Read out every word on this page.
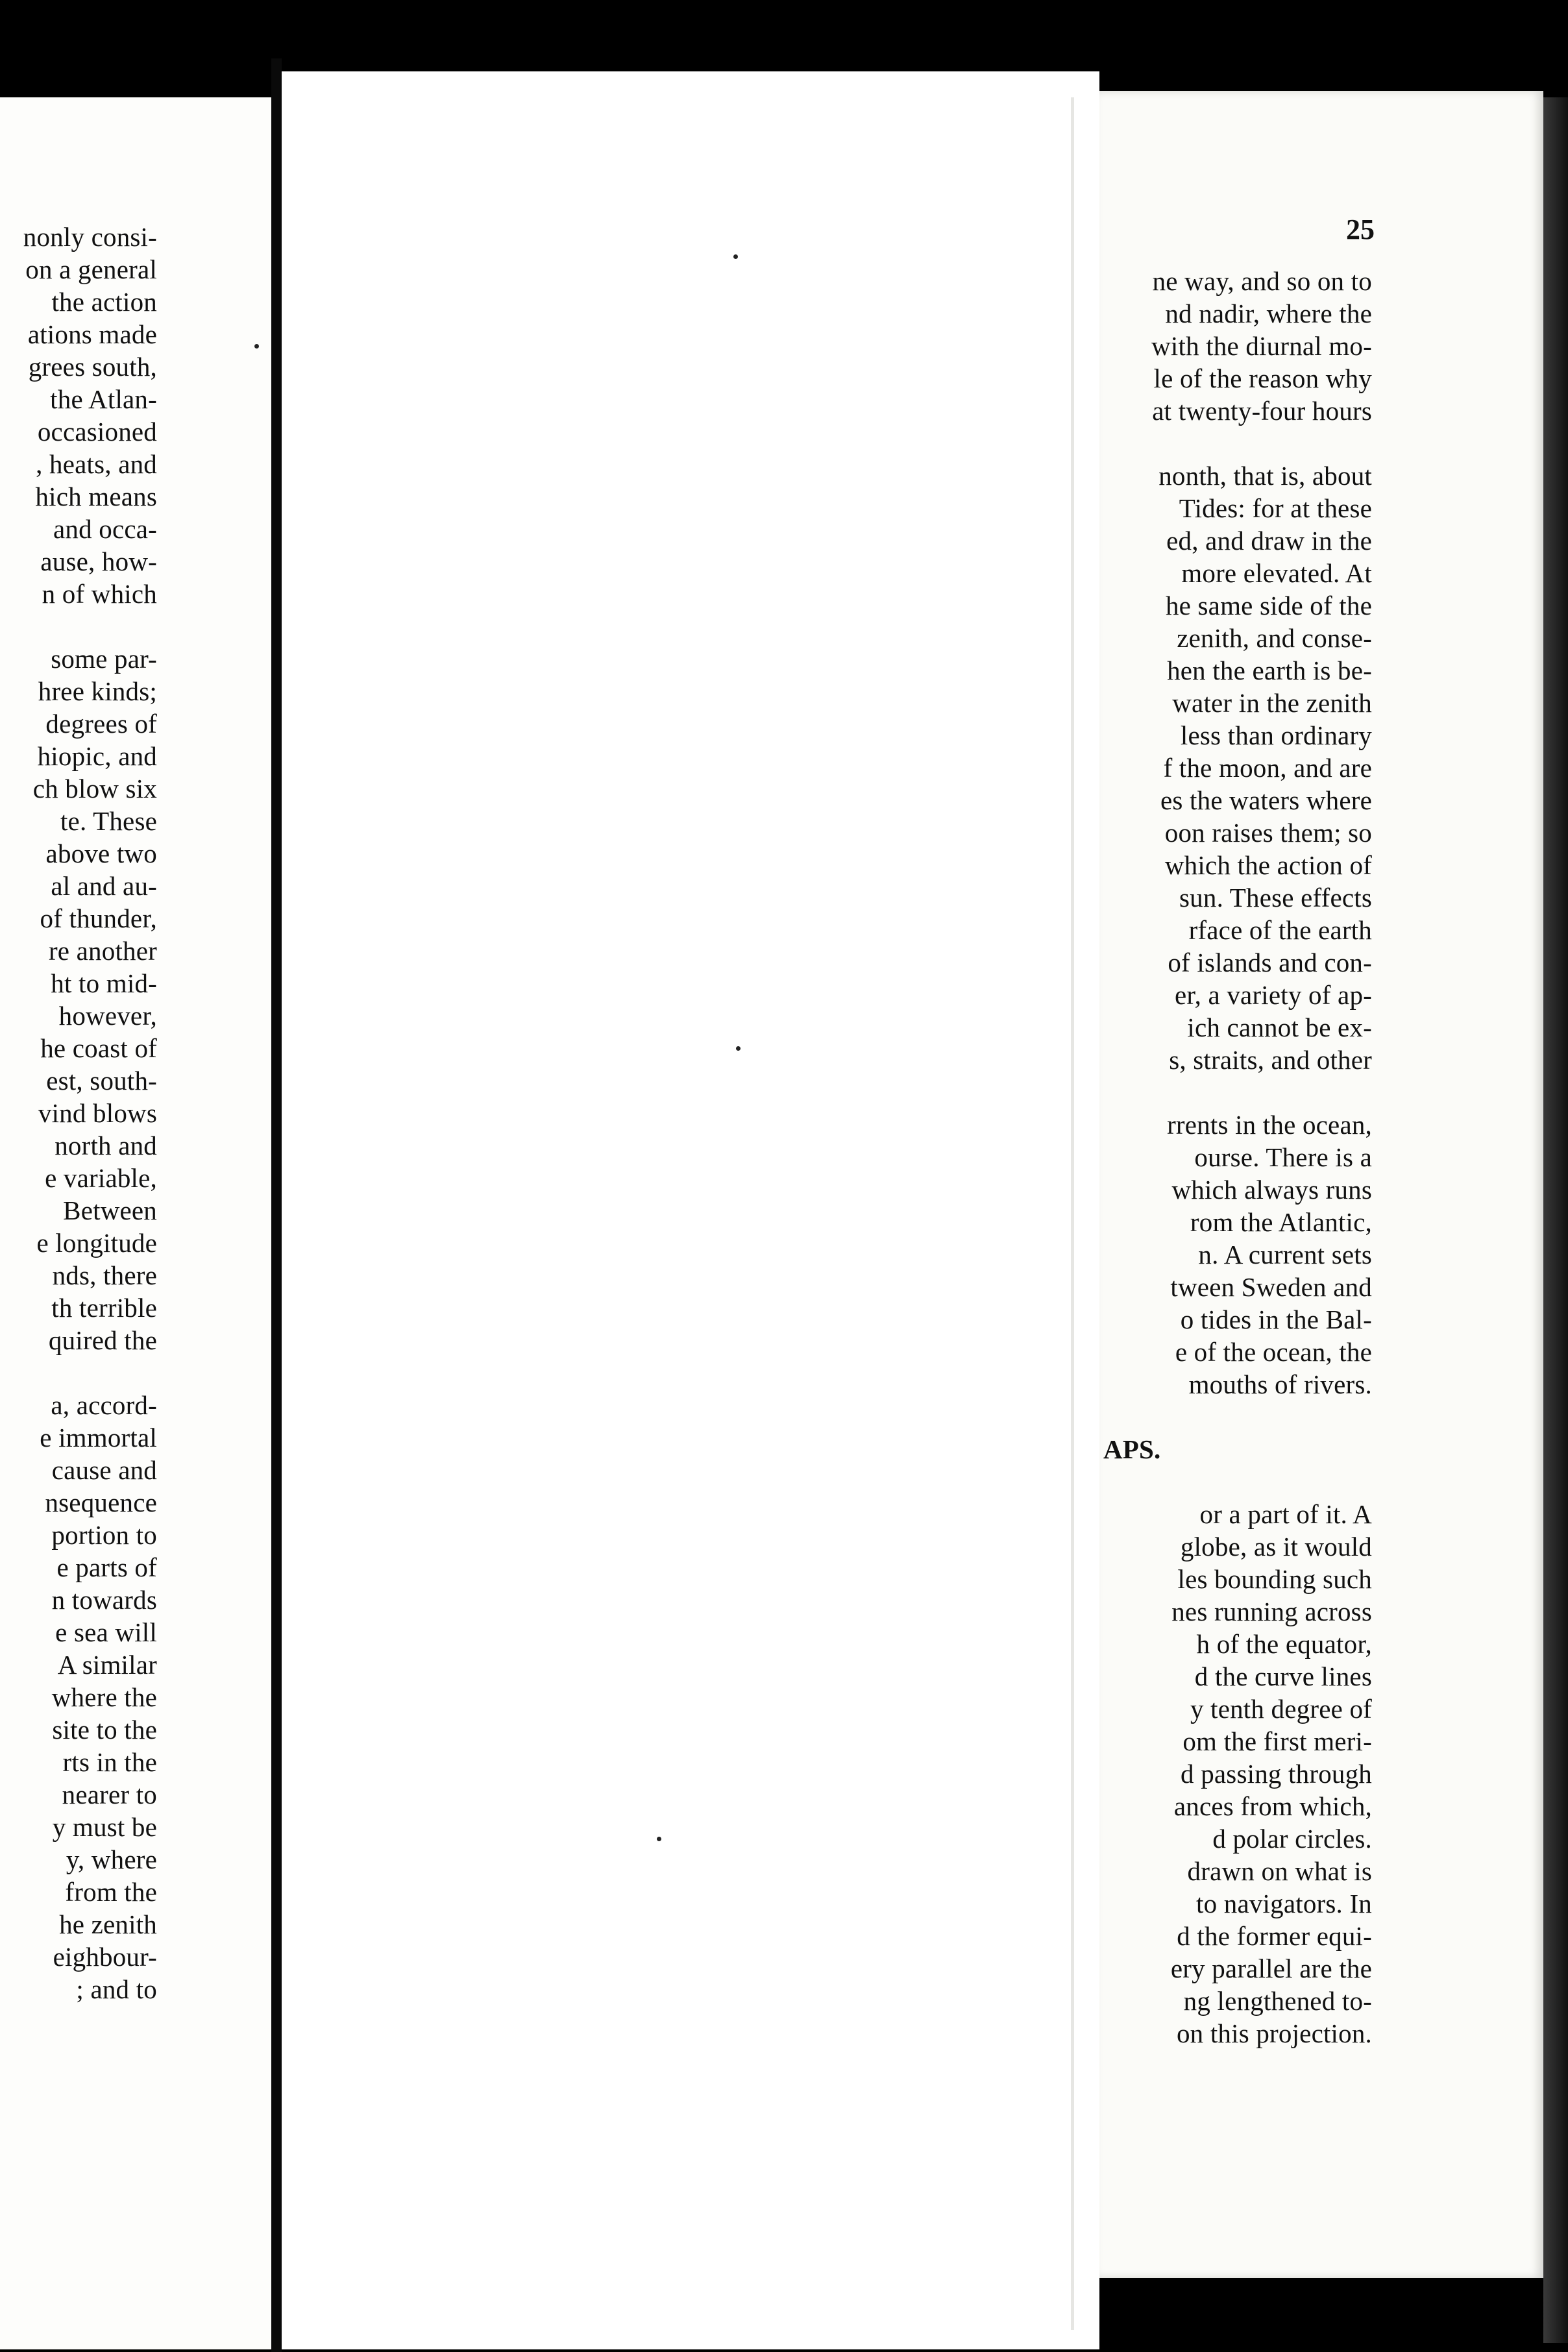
nonly consi-
on a general
the action
ations made
grees south,
the Atlan-
occasioned
, heats, and
hich means
and occa-
ause, how-
n of which
some par-
hree kinds;
degrees of
hiopic, and
ch blow six
te. These
above two
al and au-
of thunder,
re another
ht to mid-
however,
he coast of
est, south-
vind blows
north and
e variable,
Between
e longitude
nds, there
th terrible
quired the
a, accord-
e immortal
cause and
nsequence
portion to
e parts of
n towards
e sea will
A similar
where the
site to the
rts in the
nearer to
y must be
y, where
from the
he zenith
eighbour-
; and to
25
ne way, and so on to
nd nadir, where the
with the diurnal mo-
le of the reason why
at twenty-four hours
nonth, that is, about
Tides: for at these
ed, and draw in the
more elevated. At
he same side of the
zenith, and conse-
hen the earth is be-
water in the zenith
less than ordinary
f the moon, and are
es the waters where
oon raises them; so
which the action of
sun. These effects
rface of the earth
of islands and con-
er, a variety of ap-
ich cannot be ex-
s, straits, and other
rrents in the ocean,
ourse. There is a
which always runs
rom the Atlantic,
n. A current sets
tween Sweden and
o tides in the Bal-
e of the ocean, the
mouths of rivers.
APS.
or a part of it. A
globe, as it would
les bounding such
nes running across
h of the equator,
d the curve lines
y tenth degree of
om the first meri-
d passing through
ances from which,
d polar circles.
drawn on what is
to navigators. In
d the former equi-
ery parallel are the
ng lengthened to-
on this projection.
